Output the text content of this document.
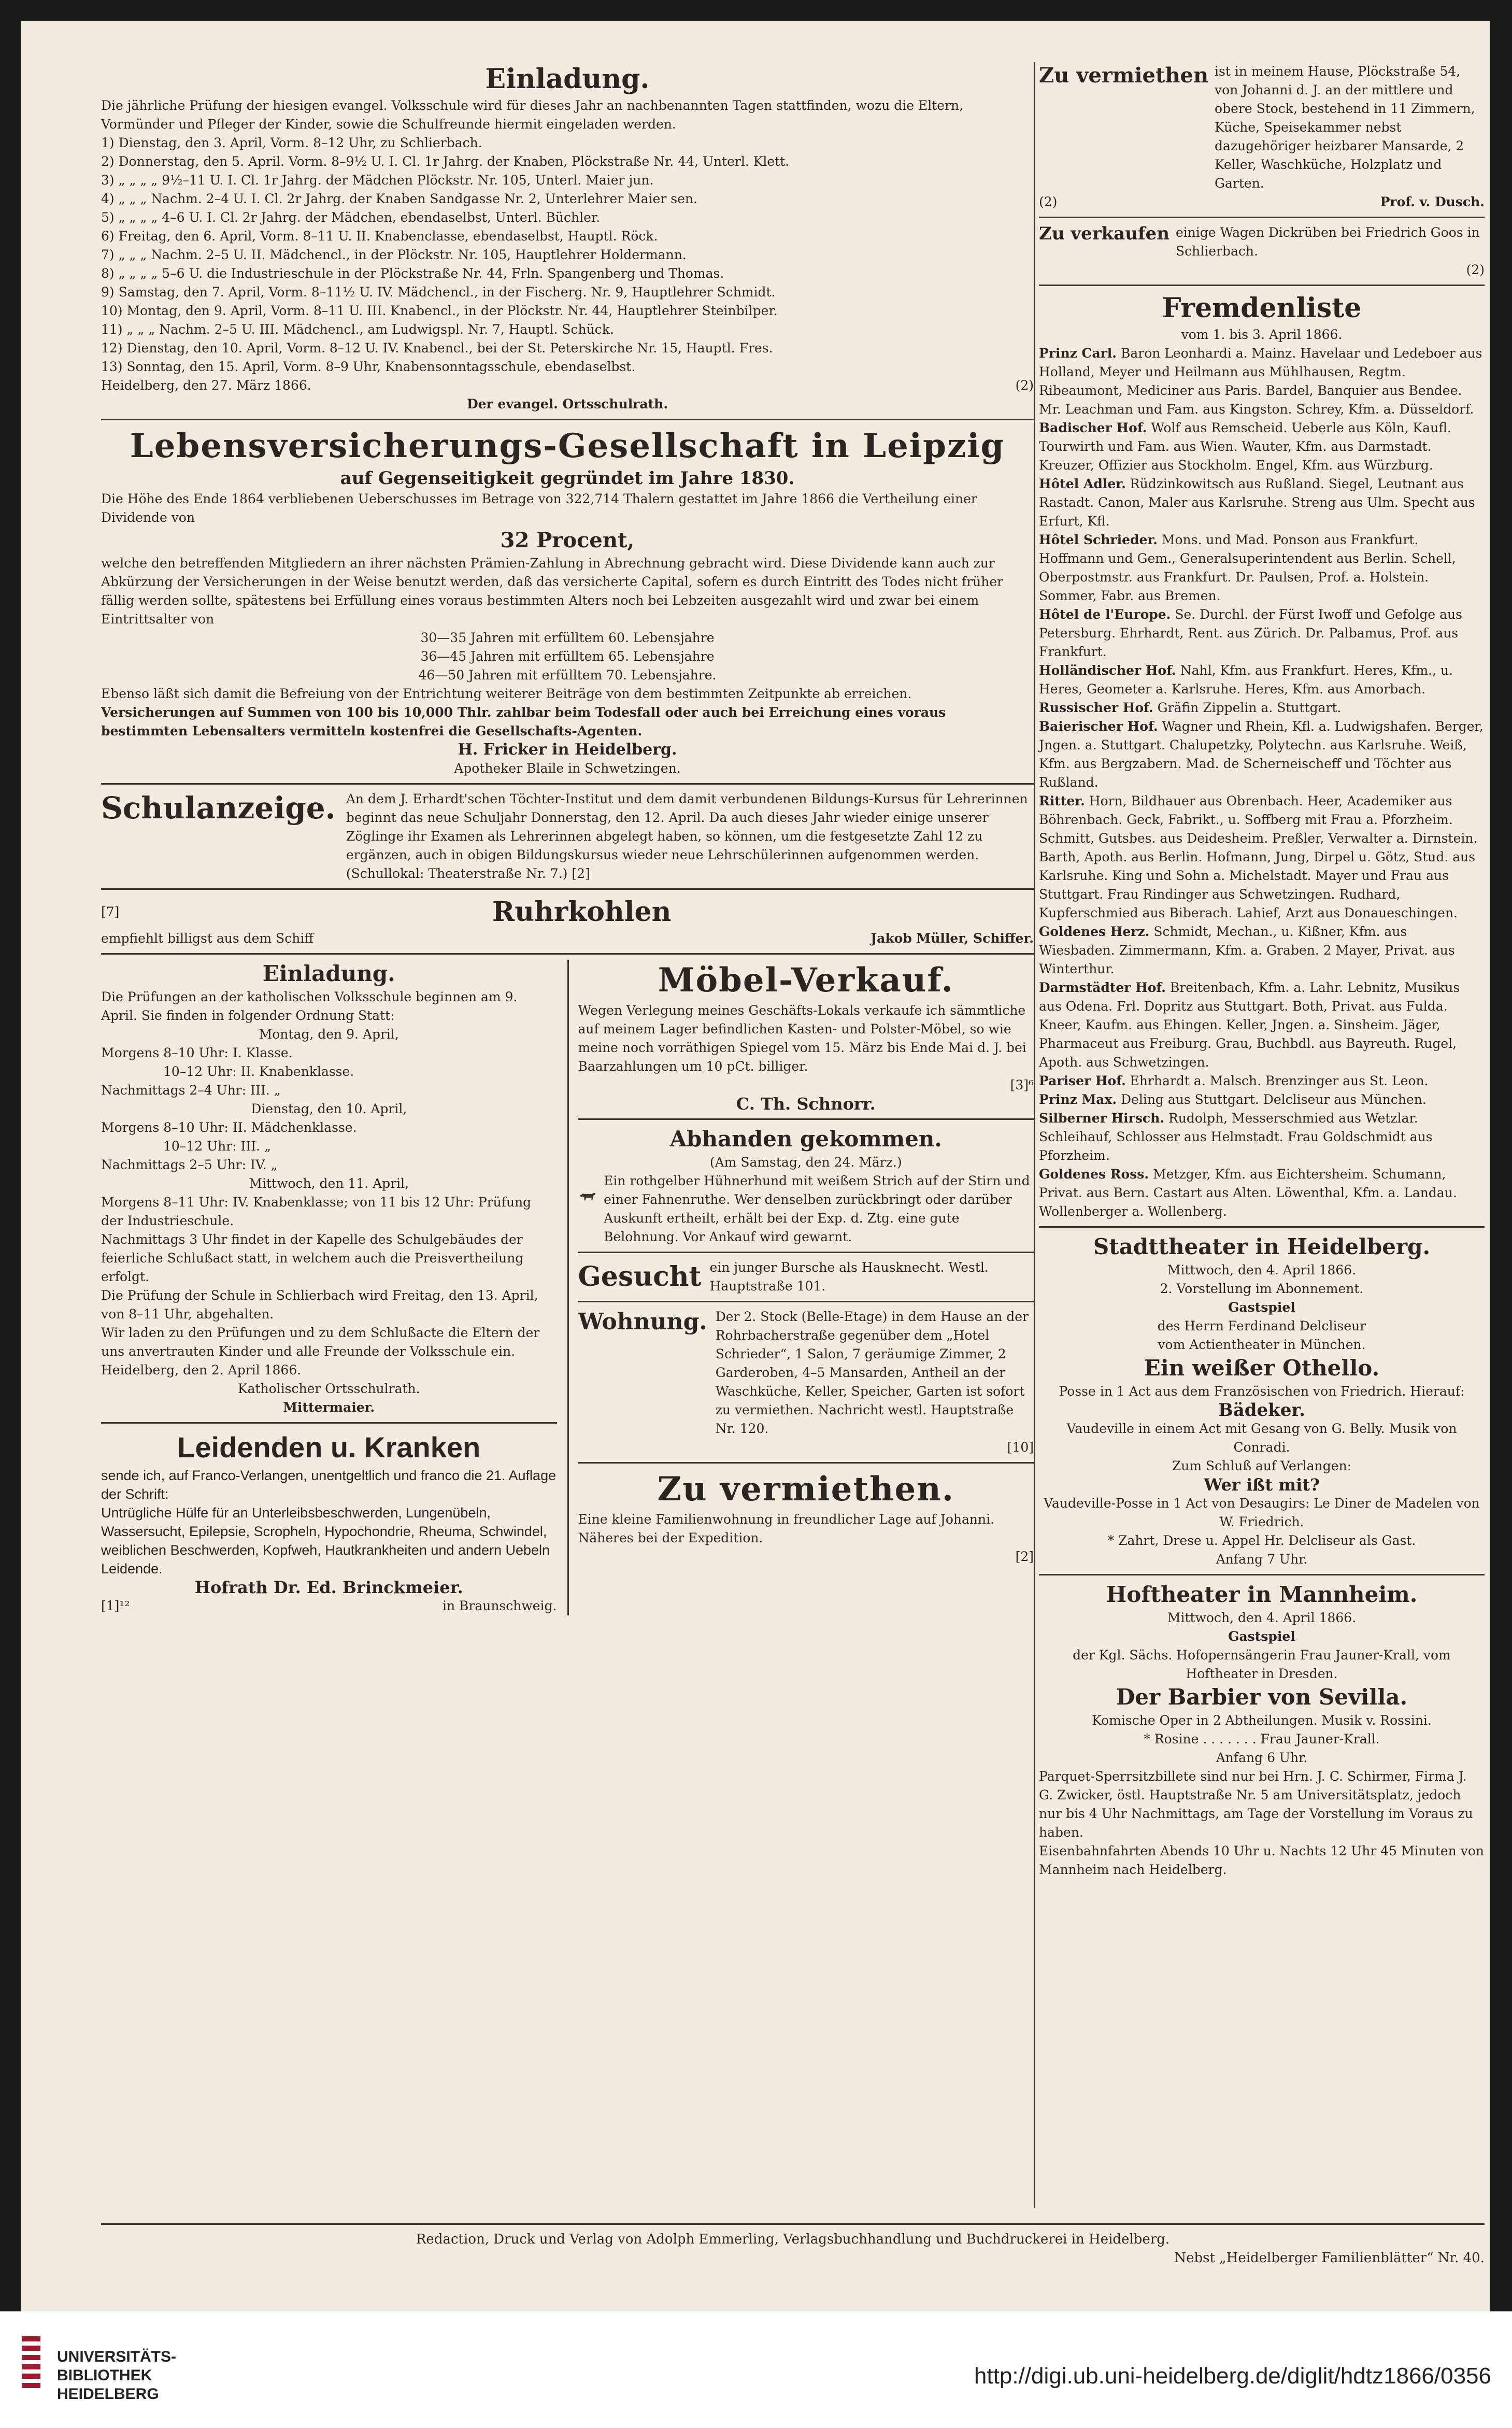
Einladung.
Die jährliche Prüfung der hiesigen evangel. Volksschule wird für dieses Jahr an nachbenannten Tagen stattfinden, wozu die Eltern, Vormünder und Pfleger der Kinder, sowie die Schulfreunde hiermit eingeladen werden.
1) Dienstag, den 3. April, Vorm. 8–12 Uhr, zu Schlierbach.
2) Donnerstag, den 5. April. Vorm. 8–9½ U. I. Cl. 1r Jahrg. der Knaben, Plöckstraße Nr. 44, Unterl. Klett.
3) „ „ „ „ 9½–11 U. I. Cl. 1r Jahrg. der Mädchen Plöckstr. Nr. 105, Unterl. Maier jun.
4) „ „ „ Nachm. 2–4 U. I. Cl. 2r Jahrg. der Knaben Sandgasse Nr. 2, Unterlehrer Maier sen.
5) „ „ „ „ 4–6 U. I. Cl. 2r Jahrg. der Mädchen, ebendaselbst, Unterl. Büchler.
6) Freitag, den 6. April, Vorm. 8–11 U. II. Knabenclasse, ebendaselbst, Hauptl. Röck.
7) „ „ „ Nachm. 2–5 U. II. Mädchencl., in der Plöckstr. Nr. 105, Hauptlehrer Holdermann.
8) „ „ „ „ 5–6 U. die Industrieschule in der Plöckstraße Nr. 44, Frln. Spangenberg und Thomas.
9) Samstag, den 7. April, Vorm. 8–11½ U. IV. Mädchencl., in der Fischerg. Nr. 9, Hauptlehrer Schmidt.
10) Montag, den 9. April, Vorm. 8–11 U. III. Knabencl., in der Plöckstr. Nr. 44, Hauptlehrer Steinbilper.
11) „ „ „ Nachm. 2–5 U. III. Mädchencl., am Ludwigspl. Nr. 7, Hauptl. Schück.
12) Dienstag, den 10. April, Vorm. 8–12 U. IV. Knabencl., bei der St. Peterskirche Nr. 15, Hauptl. Fres.
13) Sonntag, den 15. April, Vorm. 8–9 Uhr, Knabensonntagsschule, ebendaselbst.
Heidelberg, den 27. März 1866.	(2)
Der evangel. Ortsschulrath.
Lebensversicherungs-Gesellschaft in Leipzig
auf Gegenseitigkeit gegründet im Jahre 1830.
Die Höhe des Ende 1864 verbliebenen Ueberschusses im Betrage von 322,714 Thalern gestattet im Jahre 1866 die Vertheilung einer Dividende von
32 Procent,
welche den betreffenden Mitgliedern an ihrer nächsten Prämien-Zahlung in Abrechnung gebracht wird. Diese Dividende kann auch zur Abkürzung der Versicherungen in der Weise benutzt werden, daß das versicherte Capital, sofern es durch Eintritt des Todes nicht früher fällig werden sollte, spätestens bei Erfüllung eines voraus bestimmten Alters noch bei Lebzeiten ausgezahlt wird und zwar bei einem Eintrittsalter von
30—35 Jahren mit erfülltem 60. Lebensjahre
36—45 Jahren mit erfülltem 65. Lebensjahre
46—50 Jahren mit erfülltem 70. Lebensjahre.
Ebenso läßt sich damit die Befreiung von der Entrichtung weiterer Beiträge von dem bestimmten Zeitpunkte ab erreichen.
Versicherungen auf Summen von 100 bis 10,000 Thlr. zahlbar beim Todesfall oder auch bei Erreichung eines voraus bestimmten Lebensalters vermitteln kostenfrei die Gesellschafts-Agenten.
H. Fricker in Heidelberg.
Apotheker Blaile in Schwetzingen.
Schulanzeige. An dem J. Erhardt'schen Töchter-Institut und dem damit verbundenen Bildungs-Kursus für Lehrerinnen beginnt das neue Schuljahr Donnerstag, den 12. April. Da auch dieses Jahr wieder einige unserer Zöglinge ihr Examen als Lehrerinnen abgelegt haben, so können, um die festgesetzte Zahl 12 zu ergänzen, auch in obigen Bildungskursus wieder neue Lehrschülerinnen aufgenommen werden. (Schullokal: Theaterstraße Nr. 7.) [2]
[7]	Ruhrkohlen
empfiehlt billigst aus dem Schiff	Jakob Müller, Schiffer.
Einladung.
Die Prüfungen an der katholischen Volksschule beginnen am 9. April. Sie finden in folgender Ordnung Statt:
Montag, den 9. April,
Morgens 8–10 Uhr: I. Klasse.
10–12 Uhr: II. Knabenklasse.
Nachmittags 2–4 Uhr: III. „
Dienstag, den 10. April,
Morgens 8–10 Uhr: II. Mädchenklasse.
10–12 Uhr: III. „
Nachmittags 2–5 Uhr: IV. „
Mittwoch, den 11. April,
Morgens 8–11 Uhr: IV. Knabenklasse; von 11 bis 12 Uhr: Prüfung der Industrieschule.
Nachmittags 3 Uhr findet in der Kapelle des Schulgebäudes der feierliche Schlußact statt, in welchem auch die Preisvertheilung erfolgt.
Die Prüfung der Schule in Schlierbach wird Freitag, den 13. April, von 8–11 Uhr, abgehalten.
Wir laden zu den Prüfungen und zu dem Schlußacte die Eltern der uns anvertrauten Kinder und alle Freunde der Volksschule ein.
Heidelberg, den 2. April 1866.
Katholischer Ortsschulrath.
Mittermaier.
Leidenden u. Kranken
sende ich, auf Franco-Verlangen, unentgeltlich und franco die 21. Auflage der Schrift:
Untrügliche Hülfe für an Unterleibsbeschwerden, Lungenübeln, Wassersucht, Epilepsie, Scropheln, Hypochondrie, Rheuma, Schwindel, weiblichen Beschwerden, Kopfweh, Hautkrankheiten und andern Uebeln Leidende.
Hofrath Dr. Ed. Brinckmeier.
[1]¹²	in Braunschweig.
Möbel-Verkauf.
Wegen Verlegung meines Geschäfts-Lokals verkaufe ich sämmtliche auf meinem Lager befindlichen Kasten- und Polster-Möbel, so wie meine noch vorräthigen Spiegel vom 15. März bis Ende Mai d. J. bei Baarzahlungen um 10 pCt. billiger.
[3]⁶
C. Th. Schnorr.
Abhanden gekommen.
(Am Samstag, den 24. März.)
Ein rothgelber Hühnerhund mit weißem Strich auf der Stirn und einer Fahnenruthe. Wer denselben zurückbringt oder darüber Auskunft ertheilt, erhält bei der Exp. d. Ztg. eine gute Belohnung. Vor Ankauf wird gewarnt.
Gesucht ein junger Bursche als Hausknecht. Westl. Hauptstraße 101.
Wohnung. Der 2. Stock (Belle-Etage) in dem Hause an der Rohrbacherstraße gegenüber dem „Hotel Schrieder“, 1 Salon, 7 geräumige Zimmer, 2 Garderoben, 4–5 Mansarden, Antheil an der Waschküche, Keller, Speicher, Garten ist sofort zu vermiethen. Nachricht westl. Hauptstraße Nr. 120.
[10]
Zu vermiethen.
Eine kleine Familienwohnung in freundlicher Lage auf Johanni. Näheres bei der Expedition.
[2]
Zu vermiethen ist in meinem Hause, Plöckstraße 54, von Johanni d. J. an der mittlere und obere Stock, bestehend in 11 Zimmern, Küche, Speisekammer nebst dazugehöriger heizbarer Mansarde, 2 Keller, Waschküche, Holzplatz und Garten.
(2)	Prof. v. Dusch.
Zu verkaufen einige Wagen Dickrüben bei Friedrich Goos in Schlierbach.
(2)
Fremdenliste
vom 1. bis 3. April 1866.
Prinz Carl. Baron Leonhardi a. Mainz. Havelaar und Ledeboer aus Holland, Meyer und Heilmann aus Mühlhausen, Regtm. Ribeaumont, Mediciner aus Paris. Bardel, Banquier aus Bendee. Mr. Leachman und Fam. aus Kingston. Schrey, Kfm. a. Düsseldorf.
Badischer Hof. Wolf aus Remscheid. Ueberle aus Köln, Kaufl. Tourwirth und Fam. aus Wien. Wauter, Kfm. aus Darmstadt. Kreuzer, Offizier aus Stockholm. Engel, Kfm. aus Würzburg.
Hôtel Adler. Rüdzinkowitsch aus Rußland. Siegel, Leutnant aus Rastadt. Canon, Maler aus Karlsruhe. Streng aus Ulm. Specht aus Erfurt, Kfl.
Hôtel Schrieder. Mons. und Mad. Ponson aus Frankfurt. Hoffmann und Gem., Generalsuperintendent aus Berlin. Schell, Oberpostmstr. aus Frankfurt. Dr. Paulsen, Prof. a. Holstein. Sommer, Fabr. aus Bremen.
Hôtel de l'Europe. Se. Durchl. der Fürst Iwoff und Gefolge aus Petersburg. Ehrhardt, Rent. aus Zürich. Dr. Palbamus, Prof. aus Frankfurt.
Holländischer Hof. Nahl, Kfm. aus Frankfurt. Heres, Kfm., u. Heres, Geometer a. Karlsruhe. Heres, Kfm. aus Amorbach.
Russischer Hof. Gräfin Zippelin a. Stuttgart.
Baierischer Hof. Wagner und Rhein, Kfl. a. Ludwigshafen. Berger, Jngen. a. Stuttgart. Chalupetzky, Polytechn. aus Karlsruhe. Weiß, Kfm. aus Bergzabern. Mad. de Scherneischeff und Töchter aus Rußland.
Ritter. Horn, Bildhauer aus Obrenbach. Heer, Academiker aus Böhrenbach. Geck, Fabrikt., u. Soffberg mit Frau a. Pforzheim. Schmitt, Gutsbes. aus Deidesheim. Preßler, Verwalter a. Dirnstein. Barth, Apoth. aus Berlin. Hofmann, Jung, Dirpel u. Götz, Stud. aus Karlsruhe. King und Sohn a. Michelstadt. Mayer und Frau aus Stuttgart. Frau Rindinger aus Schwetzingen. Rudhard, Kupferschmied aus Biberach. Lahief, Arzt aus Donaueschingen.
Goldenes Herz. Schmidt, Mechan., u. Kißner, Kfm. aus Wiesbaden. Zimmermann, Kfm. a. Graben. 2 Mayer, Privat. aus Winterthur.
Darmstädter Hof. Breitenbach, Kfm. a. Lahr. Lebnitz, Musikus aus Odena. Frl. Dopritz aus Stuttgart. Both, Privat. aus Fulda. Kneer, Kaufm. aus Ehingen. Keller, Jngen. a. Sinsheim. Jäger, Pharmaceut aus Freiburg. Grau, Buchbdl. aus Bayreuth. Rugel, Apoth. aus Schwetzingen.
Pariser Hof. Ehrhardt a. Malsch. Brenzinger aus St. Leon.
Prinz Max. Deling aus Stuttgart. Delcliseur aus München.
Silberner Hirsch. Rudolph, Messerschmied aus Wetzlar. Schleihauf, Schlosser aus Helmstadt. Frau Goldschmidt aus Pforzheim.
Goldenes Ross. Metzger, Kfm. aus Eichtersheim. Schumann, Privat. aus Bern. Castart aus Alten. Löwenthal, Kfm. a. Landau. Wollenberger a. Wollenberg.
Stadttheater in Heidelberg.
Mittwoch, den 4. April 1866.
2. Vorstellung im Abonnement.
Gastspiel
des Herrn Ferdinand Delcliseur
vom Actientheater in München.
Ein weißer Othello.
Posse in 1 Act aus dem Französischen von Friedrich. Hierauf:
Bädeker.
Vaudeville in einem Act mit Gesang von G. Belly. Musik von Conradi.
Zum Schluß auf Verlangen:
Wer ißt mit?
Vaudeville-Posse in 1 Act von Desaugirs: Le Diner de Madelen von W. Friedrich.
* Zahrt, Drese u. Appel Hr. Delcliseur als Gast.
Anfang 7 Uhr.
Hoftheater in Mannheim.
Mittwoch, den 4. April 1866.
Gastspiel
der Kgl. Sächs. Hofopernsängerin Frau Jauner-Krall, vom Hoftheater in Dresden.
Der Barbier von Sevilla.
Komische Oper in 2 Abtheilungen. Musik v. Rossini.
* Rosine . . . . . . . Frau Jauner-Krall.
Anfang 6 Uhr.
Parquet-Sperrsitzbillete sind nur bei Hrn. J. C. Schirmer, Firma J. G. Zwicker, östl. Hauptstraße Nr. 5 am Universitätsplatz, jedoch nur bis 4 Uhr Nachmittags, am Tage der Vorstellung im Voraus zu haben.
Eisenbahnfahrten Abends 10 Uhr u. Nachts 12 Uhr 45 Minuten von Mannheim nach Heidelberg.
Redaction, Druck und Verlag von Adolph Emmerling, Verlagsbuchhandlung und Buchdruckerei in Heidelberg.
Nebst „Heidelberger Familienblätter“ Nr. 40.
UNIVERSITÄTS-
BIBLIOTHEK
HEIDELBERG
http://digi.ub.uni-heidelberg.de/diglit/hdtz1866/0356
